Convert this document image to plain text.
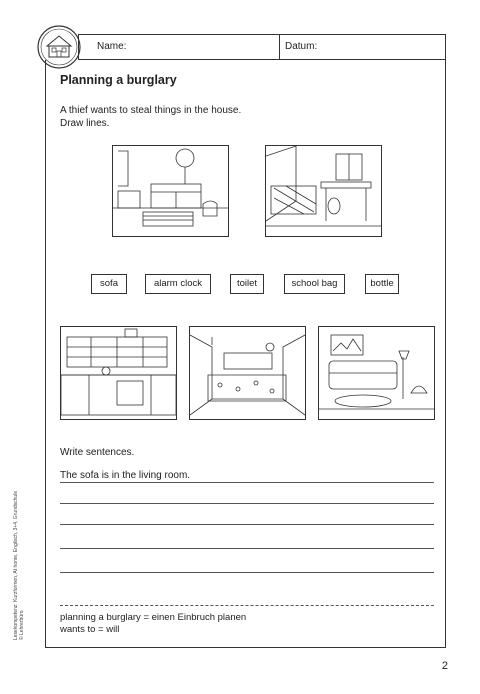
Name:	Datum:
Planning a burglary
A thief wants to steal things in the house.
Draw lines.
sofa	alarm clock	toilet	school bag	bottle
Write sentences.
The sofa is in the living room.
planning a burglary = einen Einbruch planen
wants to = will
Lesekompetenz: Kurzformen, At home, Englisch, 3+4, Grundschule © Lehrerbüro
2
